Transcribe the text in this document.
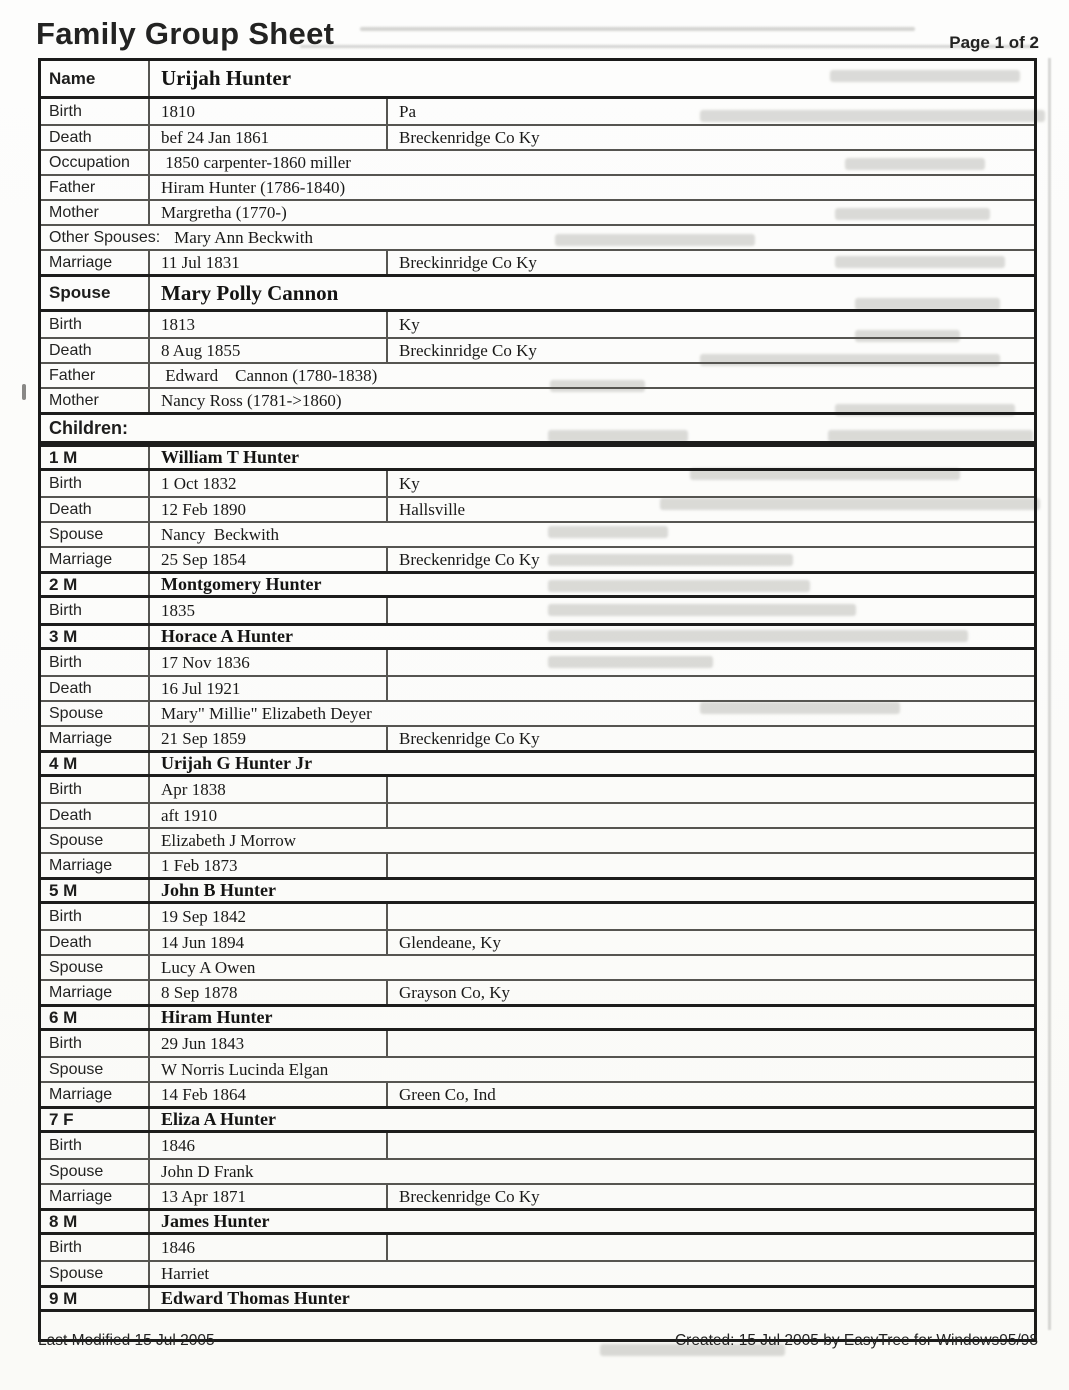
Family Group Sheet	Page 1 of 2
Name	Urijah Hunter
Birth	1810	Pa
Death	bef 24 Jan 1861	Breckenridge Co Ky
Occupation	1850 carpenter-1860 miller
Father	Hiram Hunter (1786-1840)
Mother	Margretha (1770-)
Other Spouses: Mary Ann Beckwith
Marriage	11 Jul 1831	Breckinridge Co Ky
Spouse	Mary Polly Cannon
Birth	1813	Ky
Death	8 Aug 1855	Breckinridge Co Ky
Father	Edward    Cannon (1780-1838)
Mother	Nancy Ross (1781->1860)
Children:
1 M	William T Hunter
Birth	1 Oct 1832	Ky
Death	12 Feb 1890	Hallsville
Spouse	Nancy  Beckwith
Marriage	25 Sep 1854	Breckenridge Co Ky
2 M	Montgomery Hunter
Birth	1835
3 M	Horace A Hunter
Birth	17 Nov 1836
Death	16 Jul 1921
Spouse	Mary" Millie" Elizabeth Deyer
Marriage	21 Sep 1859	Breckenridge Co Ky
4 M	Urijah G Hunter Jr
Birth	Apr 1838
Death	aft 1910
Spouse	Elizabeth J Morrow
Marriage	1 Feb 1873
5 M	John B Hunter
Birth	19 Sep 1842
Death	14 Jun 1894	Glendeane, Ky
Spouse	Lucy A Owen
Marriage	8 Sep 1878	Grayson Co, Ky
6 M	Hiram Hunter
Birth	29 Jun 1843
Spouse	W Norris Lucinda Elgan
Marriage	14 Feb 1864	Green Co, Ind
7 F	Eliza A Hunter
Birth	1846
Spouse	John D Frank
Marriage	13 Apr 1871	Breckenridge Co Ky
8 M	James Hunter
Birth	1846
Spouse	Harriet
9 M	Edward Thomas Hunter
Last Modified 15 Jul 2005	Created: 15 Jul 2005 by EasyTree for Windows95/98
